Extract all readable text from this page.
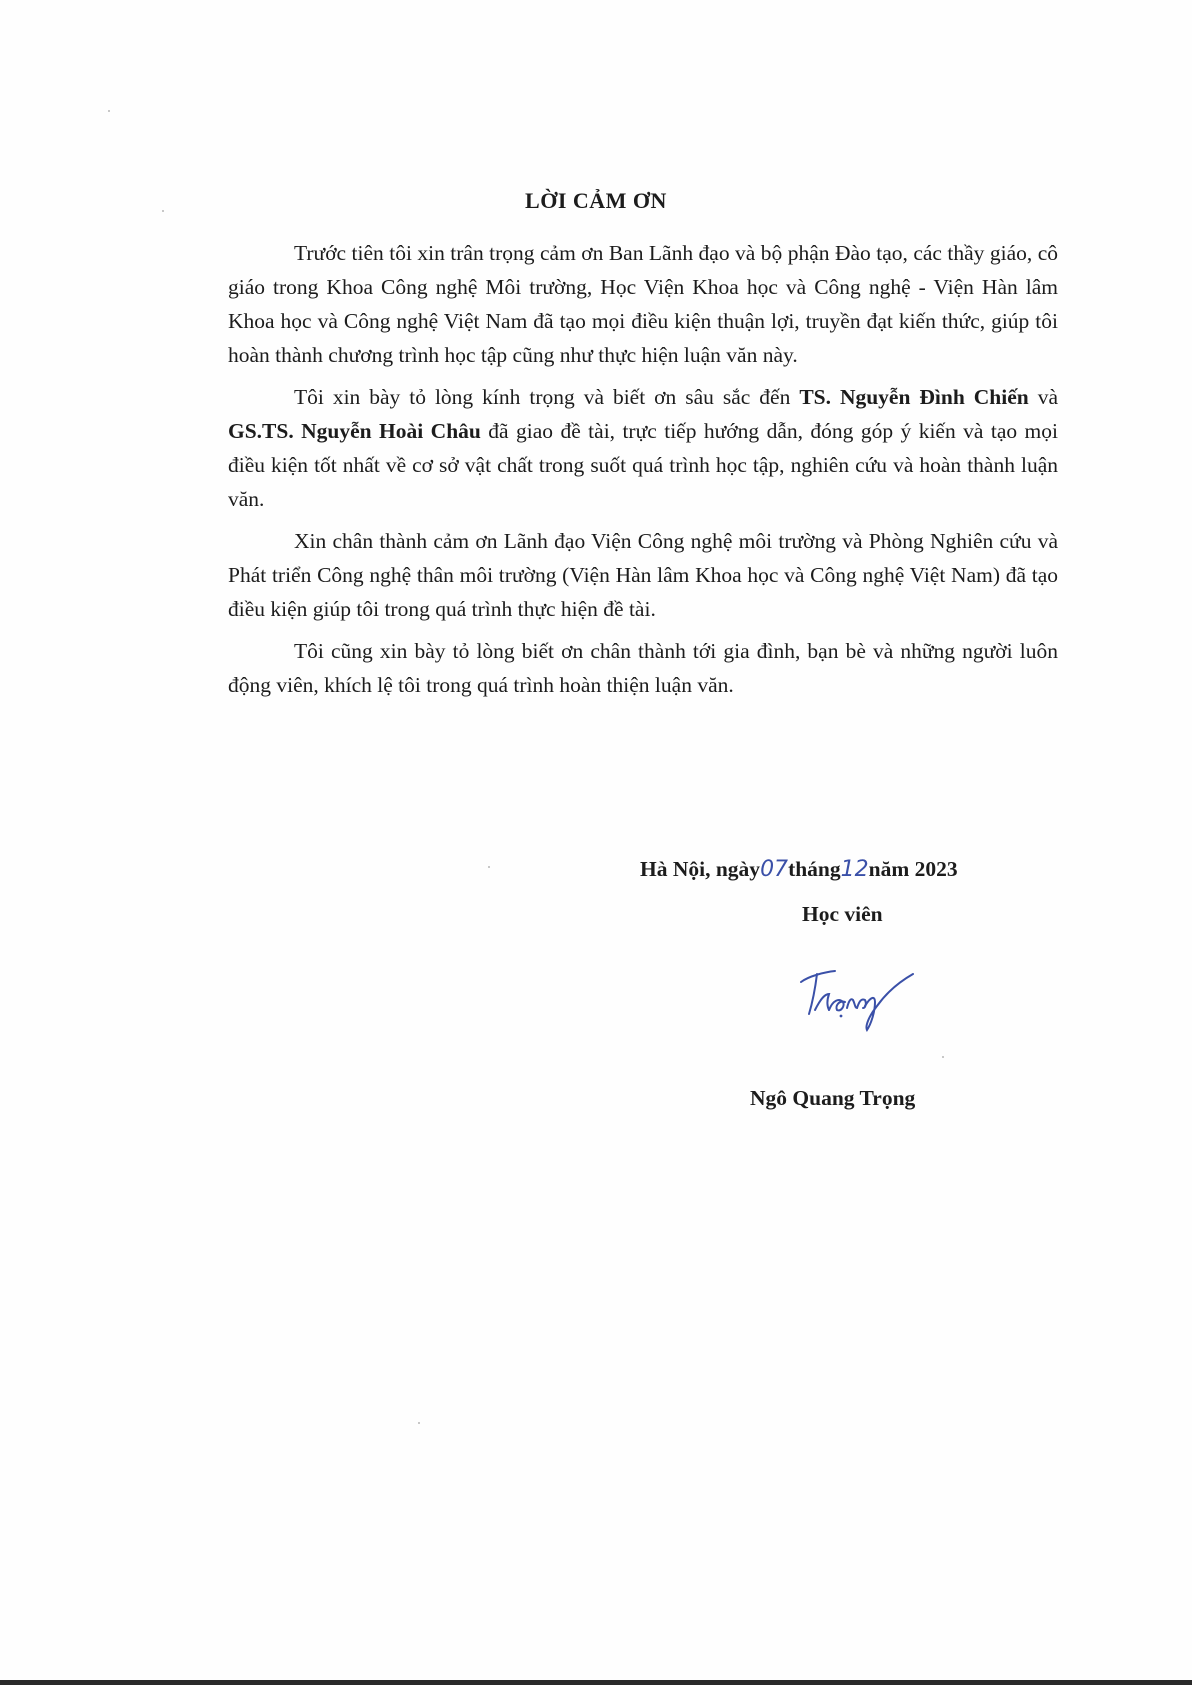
LỜI CẢM ƠN

Trước tiên tôi xin trân trọng cảm ơn Ban Lãnh đạo và bộ phận Đào tạo, các thầy giáo, cô giáo trong Khoa Công nghệ Môi trường, Học Viện Khoa học và Công nghệ - Viện Hàn lâm Khoa học và Công nghệ Việt Nam đã tạo mọi điều kiện thuận lợi, truyền đạt kiến thức, giúp tôi hoàn thành chương trình học tập cũng như thực hiện luận văn này.

Tôi xin bày tỏ lòng kính trọng và biết ơn sâu sắc đến TS. Nguyễn Đình Chiến và GS.TS. Nguyễn Hoài Châu đã giao đề tài, trực tiếp hướng dẫn, đóng góp ý kiến và tạo mọi điều kiện tốt nhất về cơ sở vật chất trong suốt quá trình học tập, nghiên cứu và hoàn thành luận văn.

Xin chân thành cảm ơn Lãnh đạo Viện Công nghệ môi trường và Phòng Nghiên cứu và Phát triển Công nghệ thân môi trường (Viện Hàn lâm Khoa học và Công nghệ Việt Nam) đã tạo điều kiện giúp tôi trong quá trình thực hiện đề tài.

Tôi cũng xin bày tỏ lòng biết ơn chân thành tới gia đình, bạn bè và những người luôn động viên, khích lệ tôi trong quá trình hoàn thiện luận văn.

Hà Nội, ngày07tháng12năm 2023
Học viên
Ngô Quang Trọng
